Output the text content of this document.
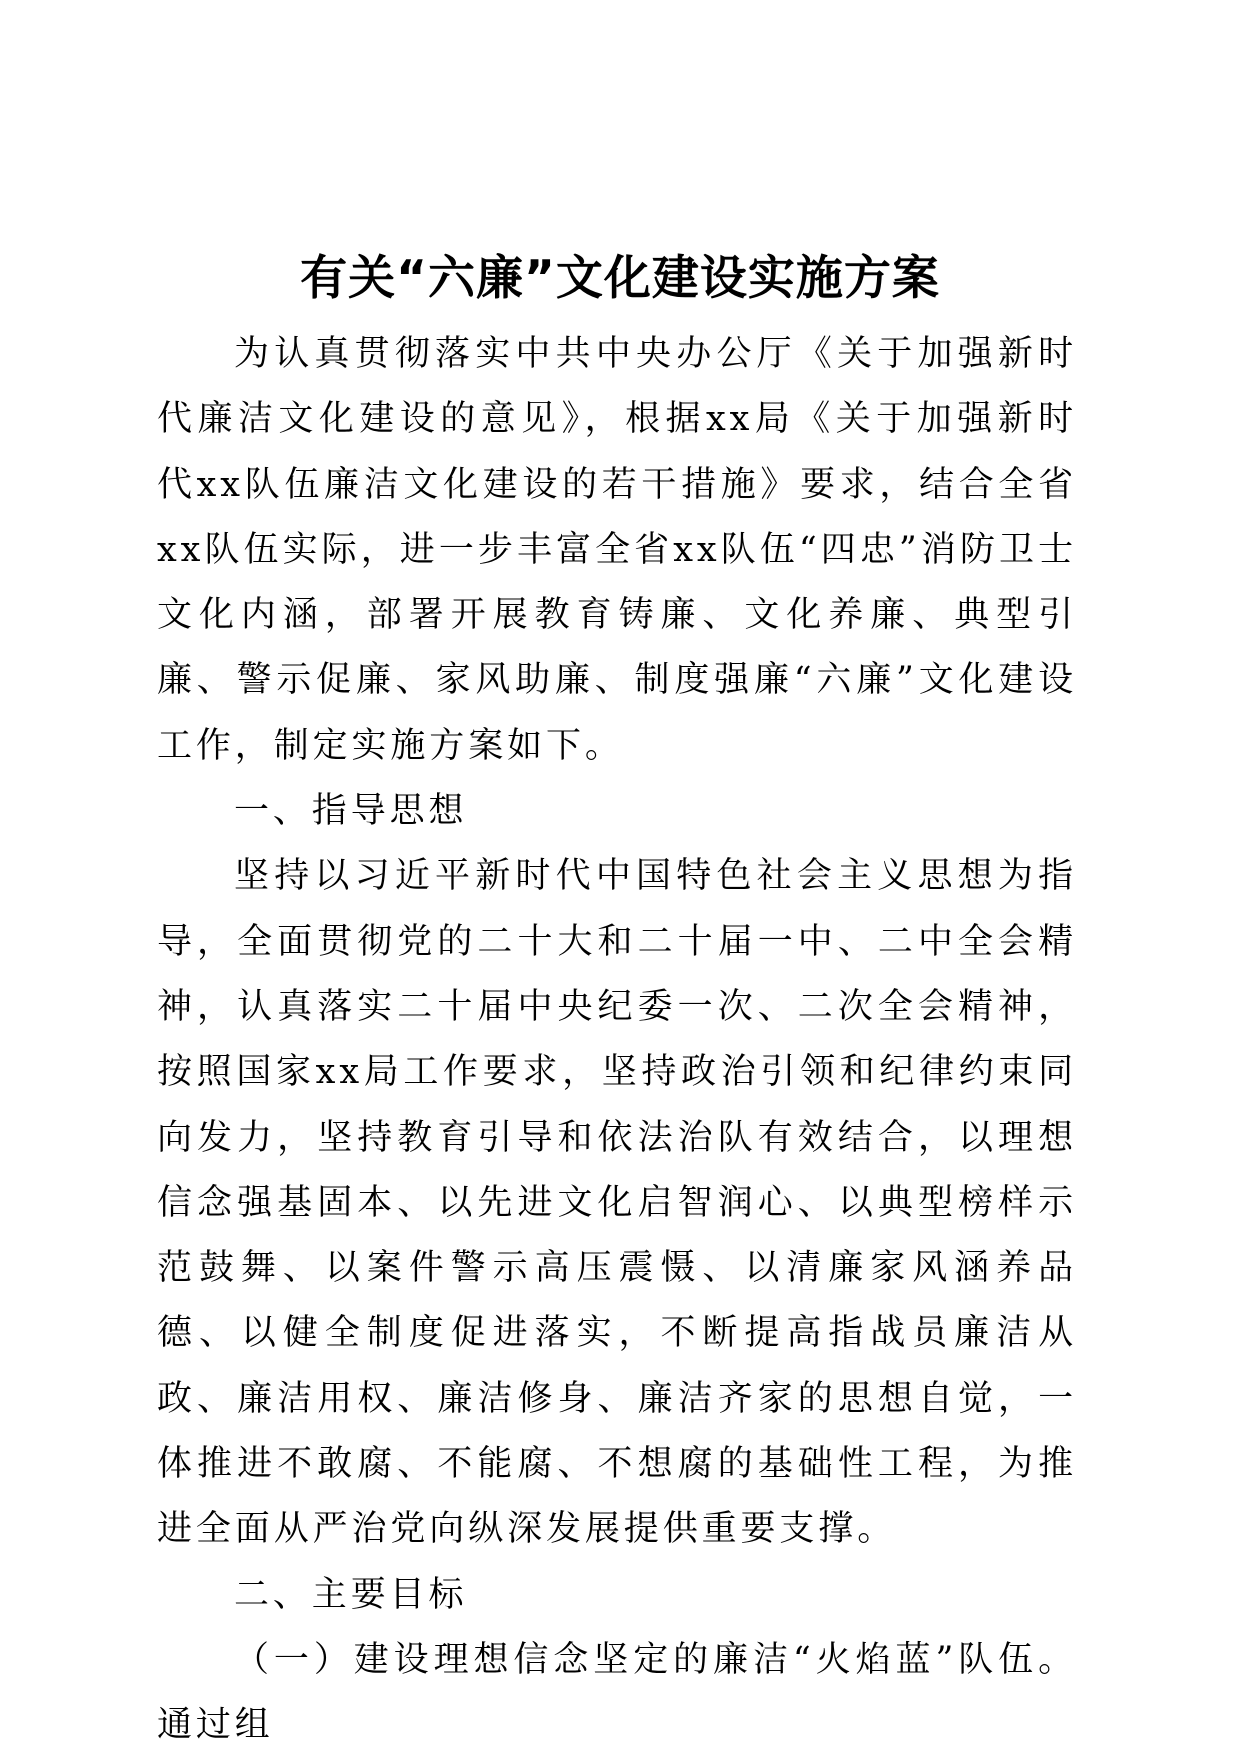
有关“六廉”文化建设实施方案

为认真贯彻落实中共中央办公厅《关于加强新时代廉洁文化建设的意见》，根据xx局《关于加强新时代xx队伍廉洁文化建设的若干措施》要求，结合全省xx队伍实际，进一步丰富全省xx队伍“四忠”消防卫士文化内涵，部署开展教育铸廉、文化养廉、典型引廉、警示促廉、家风助廉、制度强廉“六廉”文化建设工作，制定实施方案如下。

一、指导思想

坚持以习近平新时代中国特色社会主义思想为指导，全面贯彻党的二十大和二十届一中、二中全会精神，认真落实二十届中央纪委一次、二次全会精神，按照国家xx局工作要求，坚持政治引领和纪律约束同向发力，坚持教育引导和依法治队有效结合，以理想信念强基固本、以先进文化启智润心、以典型榜样示范鼓舞、以案件警示高压震慑、以清廉家风涵养品德、以健全制度促进落实，不断提高指战员廉洁从政、廉洁用权、廉洁修身、廉洁齐家的思想自觉，一体推进不敢腐、不能腐、不想腐的基础性工程，为推进全面从严治党向纵深发展提供重要支撑。

二、主要目标

（一）建设理想信念坚定的廉洁“火焰蓝”队伍。通过组
